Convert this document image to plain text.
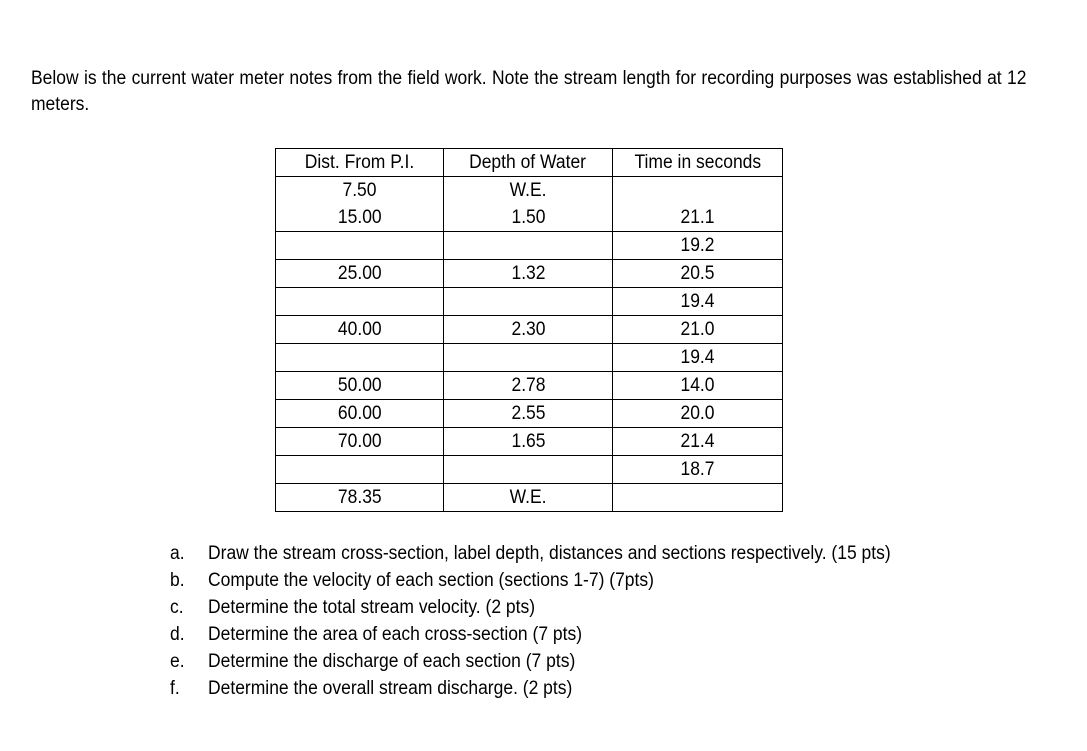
Below is the current water meter notes from the field work. Note the stream length for recording purposes was established at 12 meters.

Dist. From P.I.	Depth of Water	Time in seconds
7.50	W.E.	
15.00	1.50	21.1
		19.2
25.00	1.32	20.5
		19.4
40.00	2.30	21.0
		19.4
50.00	2.78	14.0
60.00	2.55	20.0
70.00	1.65	21.4
		18.7
78.35	W.E.	
a. Draw the stream cross-section, label depth, distances and sections respectively. (15 pts)
b. Compute the velocity of each section (sections 1-7) (7pts)
c. Determine the total stream velocity. (2 pts)
d. Determine the area of each cross-section (7 pts)
e. Determine the discharge of each section (7 pts)
f. Determine the overall stream discharge. (2 pts)
